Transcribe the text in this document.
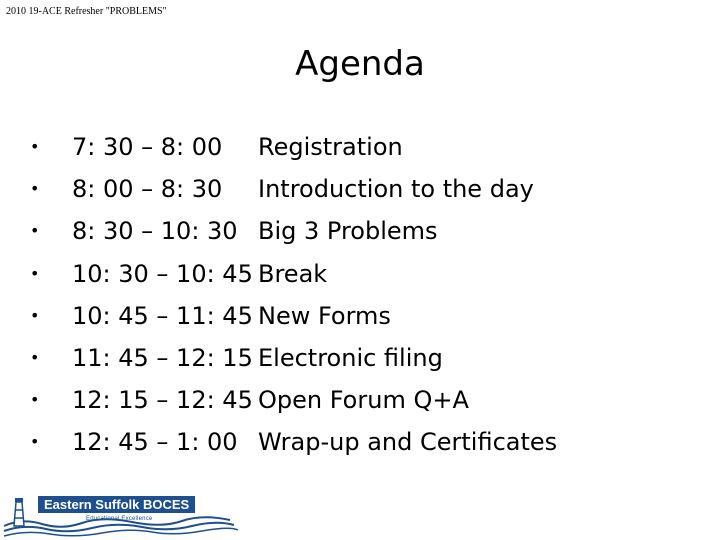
2010 19-ACE Refresher "PROBLEMS"
Agenda
• 7: 30 – 8: 00 Registration
• 8: 00 – 8: 30 Introduction to the day
• 8: 30 – 10: 30 Big 3 Problems
• 10: 30 – 10: 45 Break
• 10: 45 – 11: 45 New Forms
• 11: 45 – 12: 15 Electronic filing
• 12: 15 – 12: 45 Open Forum Q+A
• 12: 45 – 1: 00 Wrap-up and Certificates
Eastern Suffolk BOCES
Educational Excellence
